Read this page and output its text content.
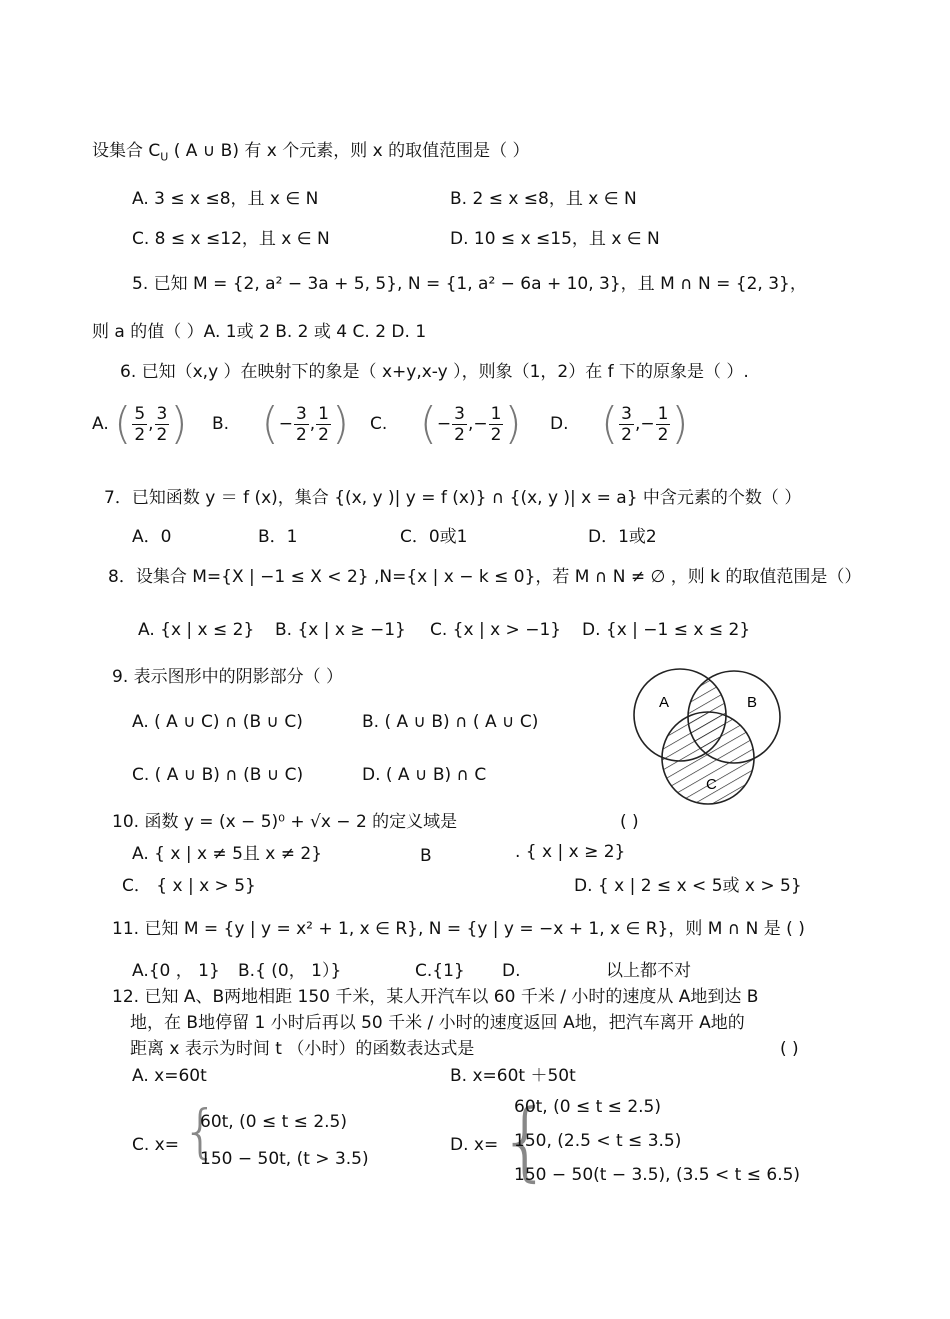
设集合 $C_U$ ( A ∪ B) 有 x 个元素，则 x 的取值范围是（ ）
A. 3 ≤ x ≤8，且 x ∈ N	B. 2 ≤ x ≤8，且 x ∈ N
C. 8 ≤ x ≤12，且 x ∈ N	D. 10 ≤ x ≤15，且 x ∈ N
5. 已知 M = {2, a² − 3a + 5, 5}, N = {1, a² − 6a + 10, 3}，且 M ∩ N = {2, 3}，
则 a 的值（ ）A. 1或 2 B. 2 或 4 C. 2 D. 1
6. 已知（x,y ）在映射下的象是（ x+y,x-y ），则象（1，2）在 f 下的原象是（ ）.
A. ( $\frac{5}{2}$ , $\frac{3}{2}$ ) B. (− $\frac{3}{2}$ , $\frac{1}{2}$ ) C. (− $\frac{3}{2}$ ,− $\frac{1}{2}$ ) D. ( $\frac{3}{2}$ ,− $\frac{1}{2}$ )
7．已知函数 y ＝ f (x)，集合 {(x, y )| y = f (x)} ∩ {(x, y )| x = a} 中含元素的个数（ ）
A．0	B．1	C．0或1	D．1或2
8．设集合 M={X | −1 ≤ X < 2} ,N={x | x − k ≤ 0}，若 M ∩ N ≠ ∅ ，则 k 的取值范围是（）
A. {x | x ≤ 2} B. {x | x ≥ −1} C. {x | x > −1} D. {x | −1 ≤ x ≤ 2}
9. 表示图形中的阴影部分（ ）
A. ( A ∪ C) ∩ (B ∪ C)	B. ( A ∪ B) ∩ ( A ∪ C)
C. ( A ∪ B) ∩ (B ∪ C)	D. ( A ∪ B) ∩ C
A	B
C
10. 函数 y = (x − 5)⁰ + √x − 2 的定义域是	( )
A. { x | x ≠ 5且 x ≠ 2}	B	. { x | x ≥ 2}
C． { x | x > 5}	D. { x | 2 ≤ x < 5或 x > 5}
11. 已知 M = {y | y = x² + 1, x ∈ R}, N = {y | y = −x + 1, x ∈ R}，则 M ∩ N 是 ( )
A.{0 ， 1} B.{ (0， 1）}	C.{1} D.	以上都不对
12. 已知 A、B两地相距 150 千米，某人开汽车以 60 千米 / 小时的速度从 A地到达 B
地，在 B地停留 1 小时后再以 50 千米 / 小时的速度返回 A地，把汽车离开 A地的
距离 x 表示为时间 t （小时）的函数表达式是	( )
A. x=60t	B. x=60t ＋50t
C. x= {
60t, (0 ≤ t ≤ 2.5)
150 − 50t, (t > 3.5)
D. x= {
60t, (0 ≤ t ≤ 2.5)
150, (2.5 < t ≤ 3.5)
150 − 50(t − 3.5), (3.5 < t ≤ 6.5)
